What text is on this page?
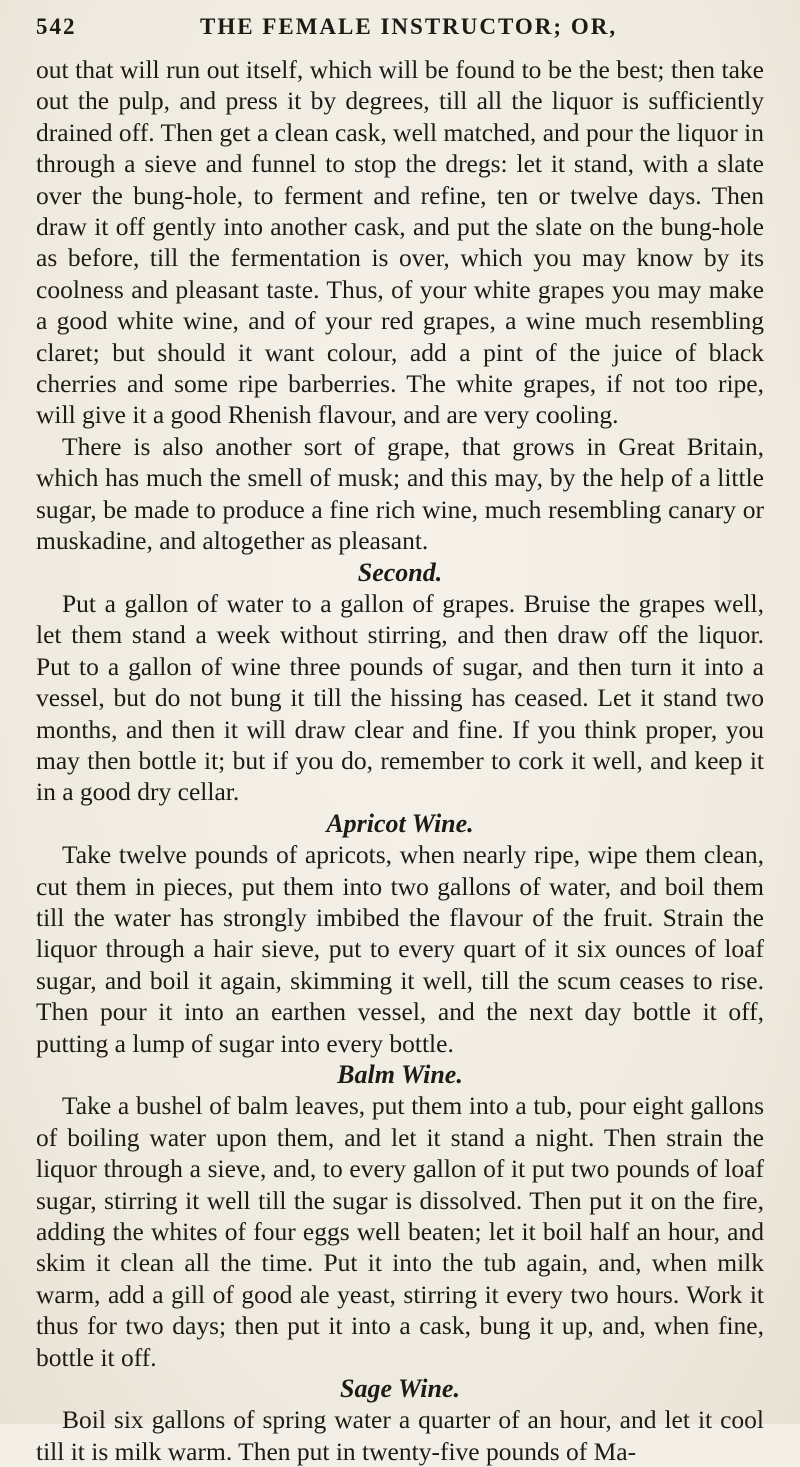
542	THE FEMALE INSTRUCTOR; OR,

out that will run out itself, which will be found to be the best; then take out the pulp, and press it by degrees, till all the liquor is sufficiently drained off. Then get a clean cask, well matched, and pour the liquor in through a sieve and funnel to stop the dregs: let it stand, with a slate over the bung-hole, to ferment and refine, ten or twelve days. Then draw it off gently into another cask, and put the slate on the bung-hole as before, till the fermentation is over, which you may know by its coolness and pleasant taste. Thus, of your white grapes you may make a good white wine, and of your red grapes, a wine much resembling claret; but should it want colour, add a pint of the juice of black cherries and some ripe barberries. The white grapes, if not too ripe, will give it a good Rhenish flavour, and are very cooling.

There is also another sort of grape, that grows in Great Britain, which has much the smell of musk; and this may, by the help of a little sugar, be made to produce a fine rich wine, much resembling canary or muskadine, and altogether as pleasant.

Second.

Put a gallon of water to a gallon of grapes. Bruise the grapes well, let them stand a week without stirring, and then draw off the liquor. Put to a gallon of wine three pounds of sugar, and then turn it into a vessel, but do not bung it till the hissing has ceased. Let it stand two months, and then it will draw clear and fine. If you think proper, you may then bottle it; but if you do, remember to cork it well, and keep it in a good dry cellar.

Apricot Wine.

Take twelve pounds of apricots, when nearly ripe, wipe them clean, cut them in pieces, put them into two gallons of water, and boil them till the water has strongly imbibed the flavour of the fruit. Strain the liquor through a hair sieve, put to every quart of it six ounces of loaf sugar, and boil it again, skimming it well, till the scum ceases to rise. Then pour it into an earthen vessel, and the next day bottle it off, putting a lump of sugar into every bottle.

Balm Wine.

Take a bushel of balm leaves, put them into a tub, pour eight gallons of boiling water upon them, and let it stand a night. Then strain the liquor through a sieve, and, to every gallon of it put two pounds of loaf sugar, stirring it well till the sugar is dissolved. Then put it on the fire, adding the whites of four eggs well beaten; let it boil half an hour, and skim it clean all the time. Put it into the tub again, and, when milk warm, add a gill of good ale yeast, stirring it every two hours. Work it thus for two days; then put it into a cask, bung it up, and, when fine, bottle it off.

Sage Wine.

Boil six gallons of spring water a quarter of an hour, and let it cool till it is milk warm. Then put in twenty-five pounds of Ma-
